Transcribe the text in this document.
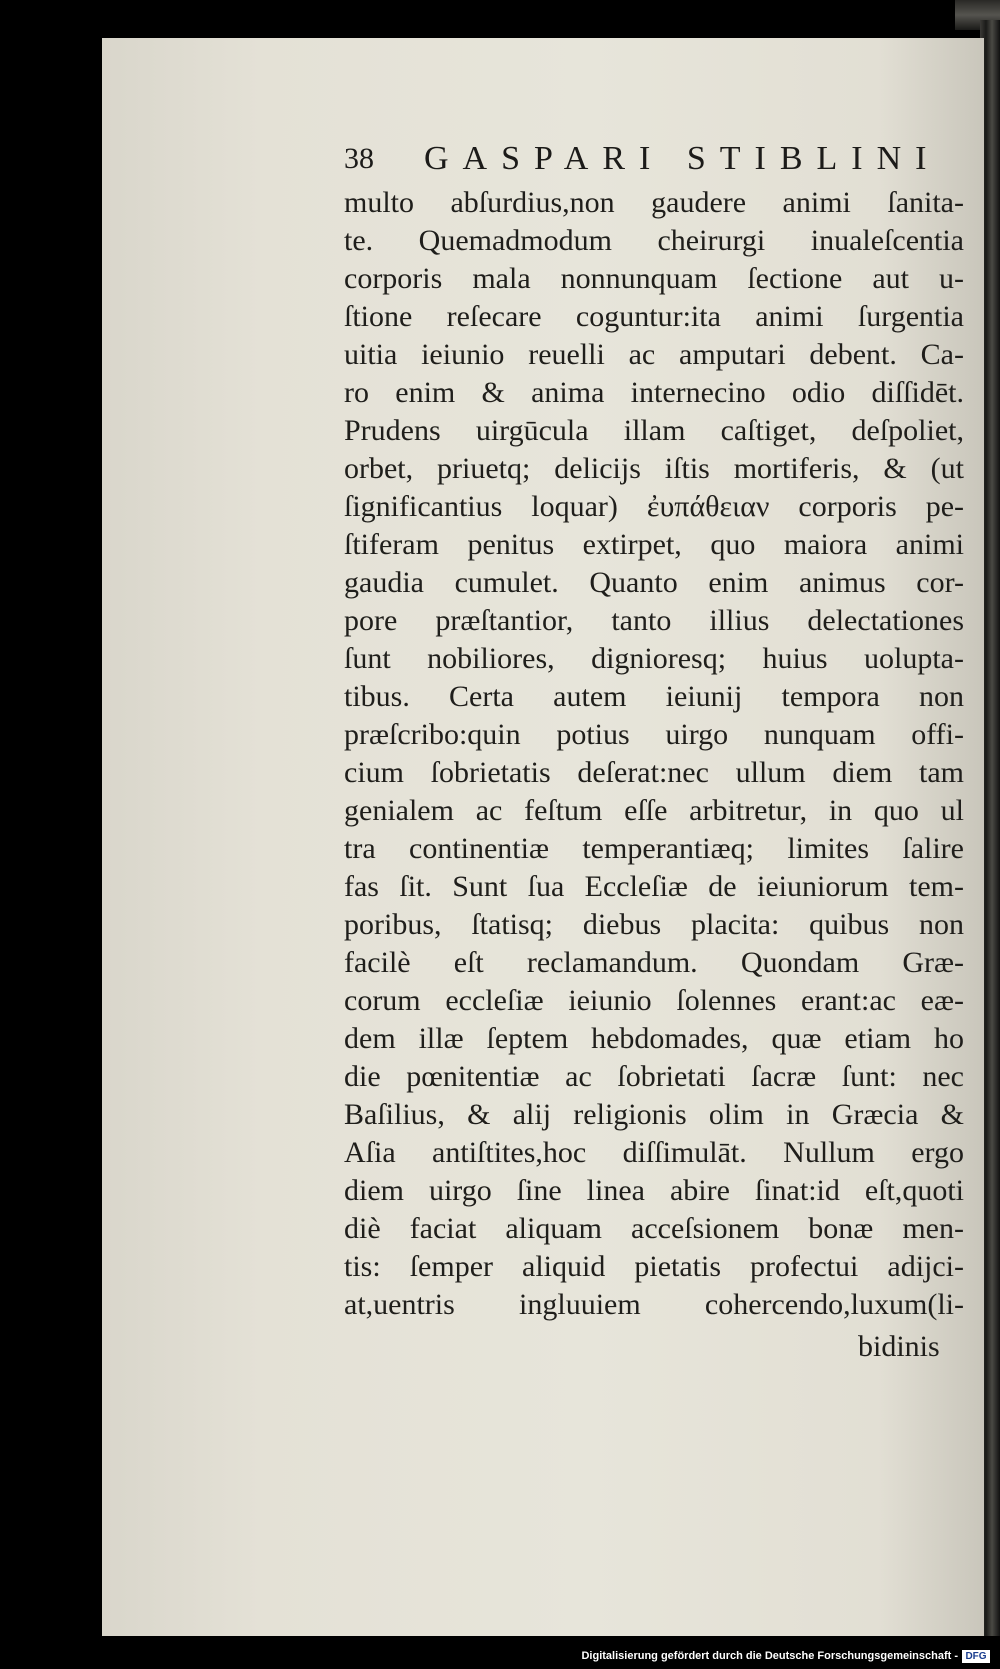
38 GASPARI STIBLINI
multo abſurdius,non gaudere animi ſanita-
te. Quemadmodum cheirurgi inualeſcentia
corporis mala nonnunquam ſectione aut u-
ſtione reſecare coguntur:ita animi ſurgentia
uitia ieiunio reuelli ac amputari debent. Ca-
ro enim & anima internecino odio diſſidēt.
Prudens uirgūcula illam caſtiget, deſpoliet,
orbet, priuetq; delicijs iſtis mortiferis, & (ut
ſignificantius loquar) ἐυπάθειαν corporis pe-
ſtiferam penitus extirpet, quo maiora animi
gaudia cumulet. Quanto enim animus cor-
pore præſtantior, tanto illius delectationes
ſunt nobiliores, dignioresq; huius uolupta-
tibus. Certa autem ieiunij tempora non
præſcribo:quin potius uirgo nunquam offi-
cium ſobrietatis deſerat:nec ullum diem tam
genialem ac feſtum eſſe arbitretur, in quo ul
tra continentiæ temperantiæq; limites ſalire
fas ſit. Sunt ſua Eccleſiæ de ieiuniorum tem-
poribus, ſtatisq; diebus placita: quibus non
facilè eſt reclamandum. Quondam Græ-
corum eccleſiæ ieiunio ſolennes erant:ac eæ-
dem illæ ſeptem hebdomades, quæ etiam ho
die pœnitentiæ ac ſobrietati ſacræ ſunt: nec
Baſilius, & alij religionis olim in Græcia &
Aſia antiſtites,hoc diſſimulāt. Nullum ergo
diem uirgo ſine linea abire ſinat:id eſt,quoti
diè faciat aliquam acceſsionem bonæ men-
tis: ſemper aliquid pietatis profectui adijci-
at,uentris ingluuiem cohercendo,luxum(li-
bidinis
Digitalisierung gefördert durch die Deutsche Forschungsgemeinschaft - DFG
